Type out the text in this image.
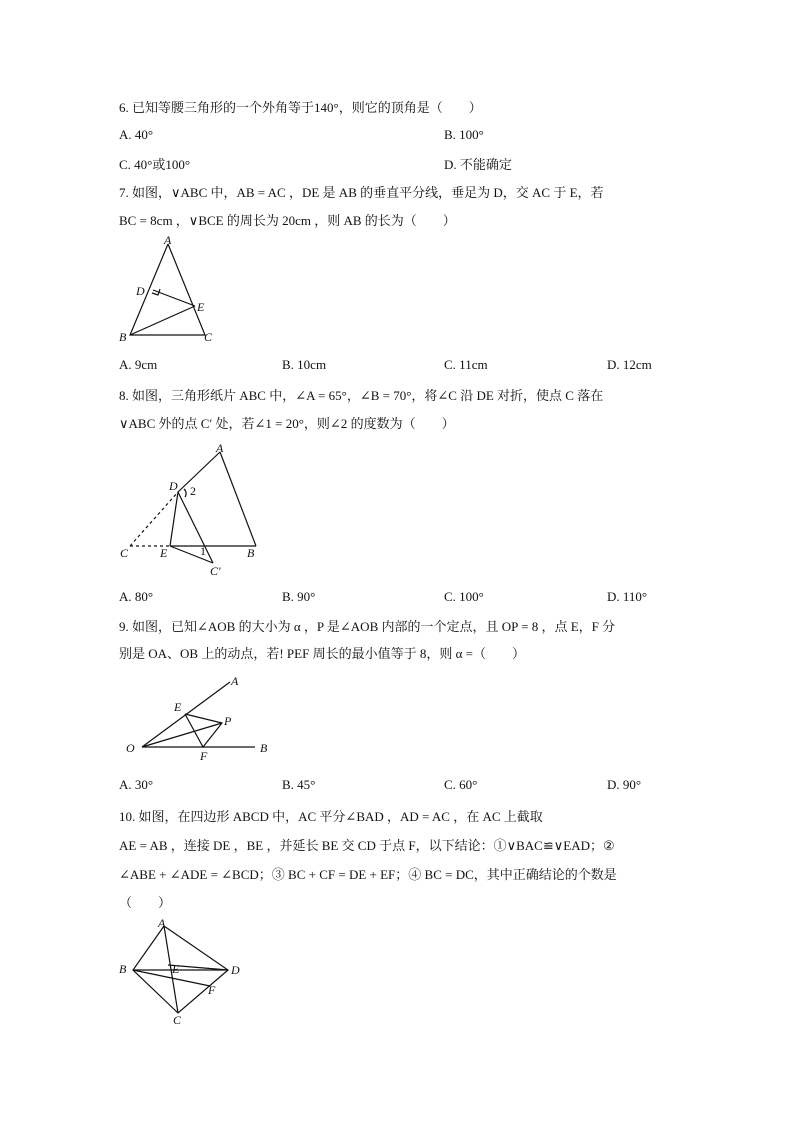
6. 已知等腰三角形的一个外角等于140°，则它的顶角是（　　）
A. 40°	B. 100°
C. 40°或100°	D. 不能确定
7. 如图，∨ABC 中，AB = AC ，DE 是 AB 的垂直平分线，垂足为 D，交 AC 于 E，若
BC = 8cm ，∨BCE 的周长为 20cm ，则 AB 的长为（　　）
A
D
E
B	C
A. 9cm	B. 10cm	C. 11cm	D. 12cm
8. 如图，三角形纸片 ABC 中，∠A = 65°，∠B = 70°，将∠C 沿 DE 对折，使点 C 落在
∨ABC 外的点 C′ 处，若∠1 = 20°，则∠2 的度数为（　　）
A
D 2
C	E	1	B
C′
A. 80°	B. 90°	C. 100°	D. 110°
9. 如图，已知∠AOB 的大小为 α ，P 是∠AOB 内部的一个定点，且 OP = 8 ，点 E，F 分
别是 OA、OB 上的动点，若! PEF 周长的最小值等于 8，则 α =（　　）
A
E
P
O	B
F
A. 30°	B. 45°	C. 60°	D. 90°
10. 如图，在四边形 ABCD 中，AC 平分∠BAD ，AD = AC ，在 AC 上截取
AE = AB ，连接 DE ，BE ，并延长 BE 交 CD 于点 F，以下结论：①∨BAC≌∨EAD；②
∠ABE + ∠ADE = ∠BCD；③ BC + CF = DE + EF；④ BC = DC，其中正确结论的个数是
（　　）
A
B	E	D
F
C
